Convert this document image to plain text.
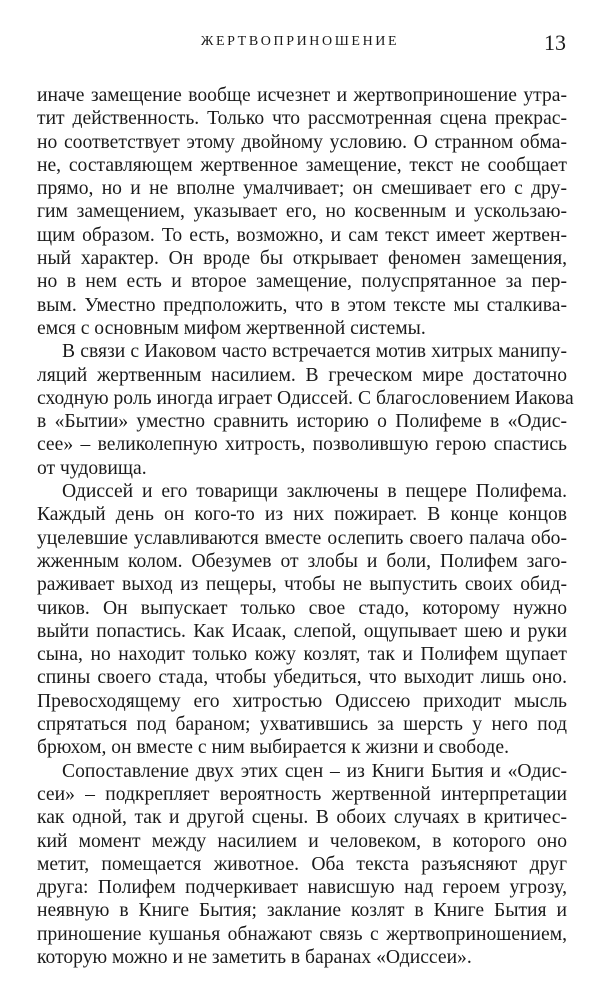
ЖЕРТВОПРИНОШЕНИЕ	13
иначе замещение вообще исчезнет и жертвоприношение утра-
тит действенность. Только что рассмотренная сцена прекрас-
но соответствует этому двойному условию. О странном обма-
не, составляющем жертвенное замещение, текст не сообщает
прямо, но и не вполне умалчивает; он смешивает его с дру-
гим замещением, указывает его, но косвенным и ускользаю-
щим образом. То есть, возможно, и сам текст имеет жертвен-
ный характер. Он вроде бы открывает феномен замещения,
но в нем есть и второе замещение, полуспрятанное за пер-
вым. Уместно предположить, что в этом тексте мы сталкива-
емся с основным мифом жертвенной системы.
В связи с Иаковом часто встречается мотив хитрых манипу-
ляций жертвенным насилием. В греческом мире достаточно
сходную роль иногда играет Одиссей. С благословением Иакова
в «Бытии» уместно сравнить историю о Полифеме в «Одис-
сее» – великолепную хитрость, позволившую герою спастись
от чудовища.
Одиссей и его товарищи заключены в пещере Полифема.
Каждый день он кого-то из них пожирает. В конце концов
уцелевшие уславливаются вместе ослепить своего палача обо-
жженным колом. Обезумев от злобы и боли, Полифем заго-
раживает выход из пещеры, чтобы не выпустить своих обид-
чиков. Он выпускает только свое стадо, которому нужно
выйти попастись. Как Исаак, слепой, ощупывает шею и руки
сына, но находит только кожу козлят, так и Полифем щупает
спины своего стада, чтобы убедиться, что выходит лишь оно.
Превосходящему его хитростью Одиссею приходит мысль
спрятаться под бараном; ухватившись за шерсть у него под
брюхом, он вместе с ним выбирается к жизни и свободе.
Сопоставление двух этих сцен – из Книги Бытия и «Одис-
сеи» – подкрепляет вероятность жертвенной интерпретации
как одной, так и другой сцены. В обоих случаях в критичес-
кий момент между насилием и человеком, в которого оно
метит, помещается животное. Оба текста разъясняют друг
друга: Полифем подчеркивает нависшую над героем угрозу,
неявную в Книге Бытия; заклание козлят в Книге Бытия и
приношение кушанья обнажают связь с жертвоприношением,
которую можно и не заметить в баранах «Одиссеи».
